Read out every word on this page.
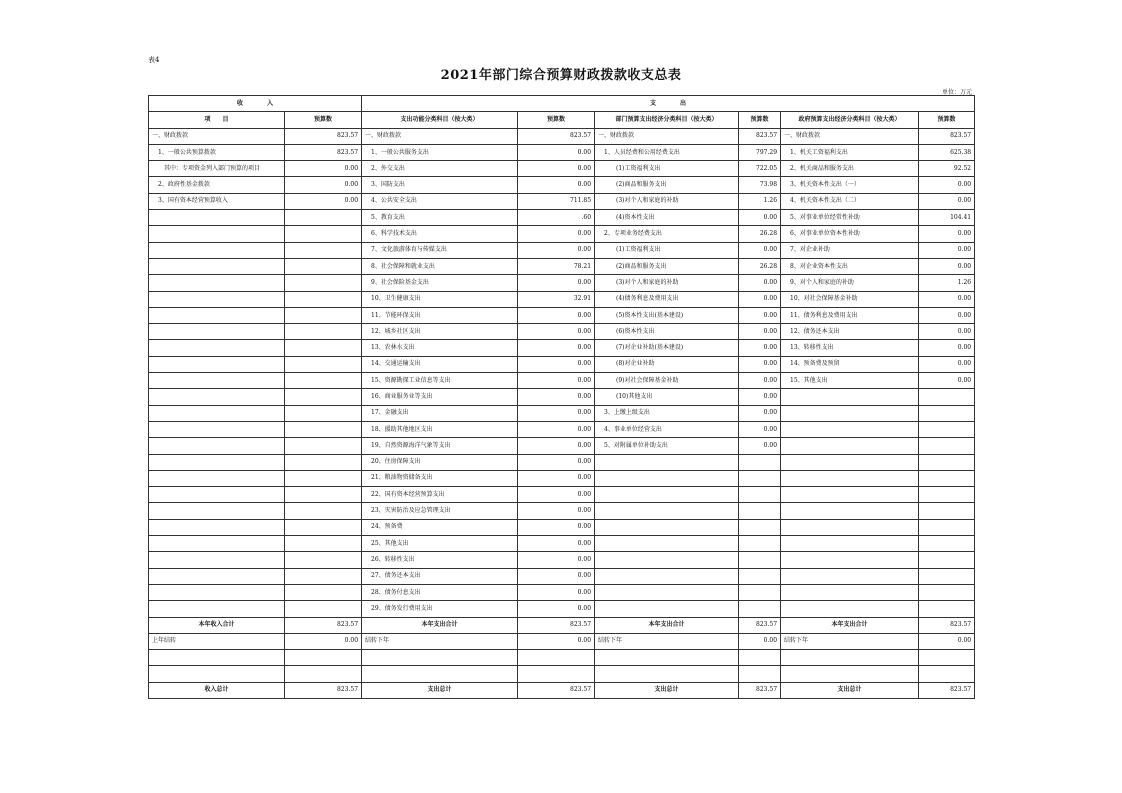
表4
2021年部门综合预算财政拨款收支总表
单位：万元
收　　　　入		支　　　　出					
项　　目	预算数	支出功能分类科目（按大类）	预算数	部门预算支出经济分类科目（按大类）	预算数	政府预算支出经济分类科目（按大类）	预算数
一、财政拨款	823.57	一、财政拨款	823.57	一、财政拨款	823.57	一、财政拨款	823.57
　1、一般公共预算拨款	823.57	　1、一般公共服务支出	0.00	　1、人员经费和公用经费支出	797.29	　1、机关工资福利支出	625.38
　　其中：专项资金列入部门预算的项目	0.00	　2、外交支出	0.00	　　　(1)工资福利支出	722.05	　2、机关商品和服务支出	92.52
　2、政府性基金拨款	0.00	　3、国防支出	0.00	　　　(2)商品和服务支出	73.98	　3、机关资本性支出（一）	0.00
　3、国有资本经营预算收入	0.00	　4、公共安全支出	711.85	　　　(3)对个人和家庭的补助	1.26	　4、机关资本性支出（二）	0.00
		　5、教育支出	.60	　　　(4)资本性支出	0.00	　5、对事业单位经常性补助	104.41
		　6、科学技术支出	0.00	　2、专项业务经费支出	26.28	　6、对事业单位资本性补助	0.00
		　7、文化旅游体育与传媒支出	0.00	　　　(1)工资福利支出	0.00	　7、对企业补助	0.00
		　8、社会保障和就业支出	78.21	　　　(2)商品和服务支出	26.28	　8、对企业资本性支出	0.00
		　9、社会保险基金支出	0.00	　　　(3)对个人和家庭的补助	0.00	　9、对个人和家庭的补助	1.26
		　10、卫生健康支出	32.91	　　　(4)债务利息及费用支出	0.00	　10、对社会保障基金补助	0.00
		　11、节能环保支出	0.00	　　　(5)资本性支出(基本建设)	0.00	　11、债务利息及费用支出	0.00
		　12、城乡社区支出	0.00	　　　(6)资本性支出	0.00	　12、债务还本支出	0.00
		　13、农林水支出	0.00	　　　(7)对企业补助(基本建设)	0.00	　13、转移性支出	0.00
		　14、交通运输支出	0.00	　　　(8)对企业补助	0.00	　14、预备费及预留	0.00
		　15、资源勘探工业信息等支出	0.00	　　　(9)对社会保障基金补助	0.00	　15、其他支出	0.00
		　16、商业服务业等支出	0.00	　　　(10)其他支出	0.00		
		　17、金融支出	0.00	　3、上缴上级支出	0.00		
		　18、援助其他地区支出	0.00	　4、事业单位经营支出	0.00		
		　19、自然资源海洋气象等支出	0.00	　5、对附属单位补助支出	0.00		
		　20、住房保障支出	0.00				
		　21、粮油物资储备支出	0.00				
		　22、国有资本经营预算支出	0.00				
		　23、灾害防治及应急管理支出	0.00				
		　24、预备费	0.00				
		　25、其他支出	0.00				
		　26、转移性支出	0.00				
		　27、债务还本支出	0.00				
		　28、债务付息支出	0.00				
		　29、债务发行费用支出	0.00				
本年收入合计	823.57	本年支出合计	823.57	本年支出合计	823.57	本年支出合计	823.57
上年结转	0.00	结转下年	0.00	结转下年	0.00	结转下年	0.00

收入总计	823.57	支出总计	823.57	支出总计	823.57	支出总计	823.57
